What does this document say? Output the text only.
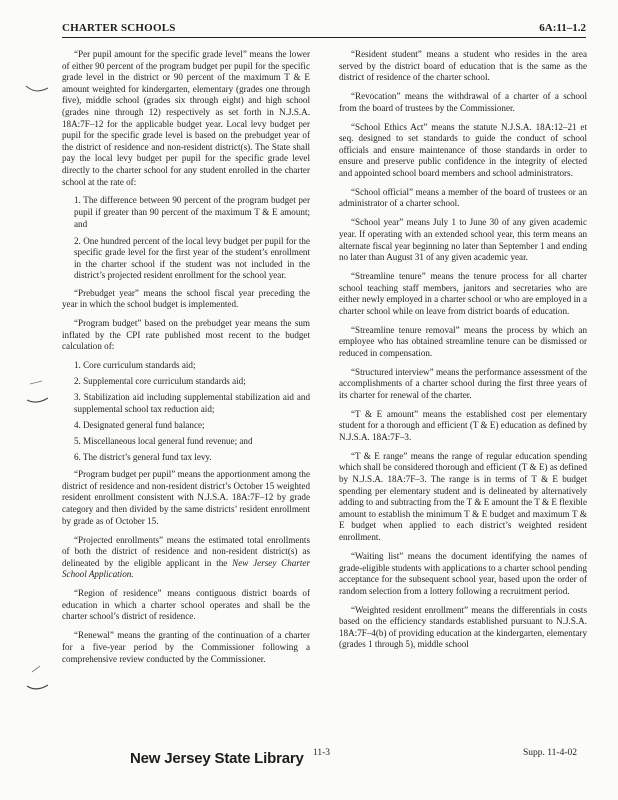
CHARTER SCHOOLS	6A:11–1.2

“Per pupil amount for the specific grade level” means the lower of either 90 percent of the program budget per pupil for the specific grade level in the district or 90 percent of the maximum T & E amount weighted for kindergarten, elementary (grades one through five), middle school (grades six through eight) and high school (grades nine through 12) respectively as set forth in N.J.S.A. 18A:7F–12 for the applicable budget year. Local levy budget per pupil for the specific grade level is based on the prebudget year of the district of residence and non-resident district(s). The State shall pay the local levy budget per pupil for the specific grade level directly to the charter school for any student enrolled in the charter school at the rate of:

1. The difference between 90 percent of the program budget per pupil if greater than 90 percent of the maximum T & E amount; and

2. One hundred percent of the local levy budget per pupil for the specific grade level for the first year of the student’s enrollment in the charter school if the student was not included in the district’s projected resident enrollment for the school year.

“Prebudget year” means the school fiscal year preceding the year in which the school budget is implemented.

“Program budget” based on the prebudget year means the sum inflated by the CPI rate published most recent to the budget calculation of:

1. Core curriculum standards aid;

2. Supplemental core curriculum standards aid;

3. Stabilization aid including supplemental stabilization aid and supplemental school tax reduction aid;

4. Designated general fund balance;

5. Miscellaneous local general fund revenue; and

6. The district’s general fund tax levy.

“Program budget per pupil” means the apportionment among the district of residence and non-resident district’s October 15 weighted resident enrollment consistent with N.J.S.A. 18A:7F–12 by grade category and then divided by the same districts’ resident enrollment by grade as of October 15.

“Projected enrollments” means the estimated total enrollments of both the district of residence and non-resident district(s) as delineated by the eligible applicant in the New Jersey Charter School Application.

“Region of residence” means contiguous district boards of education in which a charter school operates and shall be the charter school’s district of residence.

“Renewal” means the granting of the continuation of a charter for a five-year period by the Commissioner following a comprehensive review conducted by the Commissioner.

“Resident student” means a student who resides in the area served by the district board of education that is the same as the district of residence of the charter school.

“Revocation” means the withdrawal of a charter of a school from the board of trustees by the Commissioner.

“School Ethics Act” means the statute N.J.S.A. 18A:12–21 et seq. designed to set standards to guide the conduct of school officials and ensure maintenance of those standards in order to ensure and preserve public confidence in the integrity of elected and appointed school board members and school administrators.

“School official” means a member of the board of trustees or an administrator of a charter school.

“School year” means July 1 to June 30 of any given academic year. If operating with an extended school year, this term means an alternate fiscal year beginning no later than September 1 and ending no later than August 31 of any given academic year.

“Streamline tenure” means the tenure process for all charter school teaching staff members, janitors and secretaries who are either newly employed in a charter school or who are employed in a charter school while on leave from district boards of education.

“Streamline tenure removal” means the process by which an employee who has obtained streamline tenure can be dismissed or reduced in compensation.

“Structured interview” means the performance assessment of the accomplishments of a charter school during the first three years of its charter for renewal of the charter.

“T & E amount” means the established cost per elementary student for a thorough and efficient (T & E) education as defined by N.J.S.A. 18A:7F–3.

“T & E range” means the range of regular education spending which shall be considered thorough and efficient (T & E) as defined by N.J.S.A. 18A:7F–3. The range is in terms of T & E budget spending per elementary student and is delineated by alternatively adding to and subtracting from the T & E amount the T & E flexible amount to establish the minimum T & E budget and maximum T & E budget when applied to each district’s weighted resident enrollment.

“Waiting list” means the document identifying the names of grade-eligible students with applications to a charter school pending acceptance for the subsequent school year, based upon the order of random selection from a lottery following a recruitment period.

“Weighted resident enrollment” means the differentials in costs based on the efficiency standards established pursuant to N.J.S.A. 18A:7F–4(b) of providing education at the kindergarten, elementary (grades 1 through 5), middle school

New Jersey State Library 11-3	Supp. 11-4-02
